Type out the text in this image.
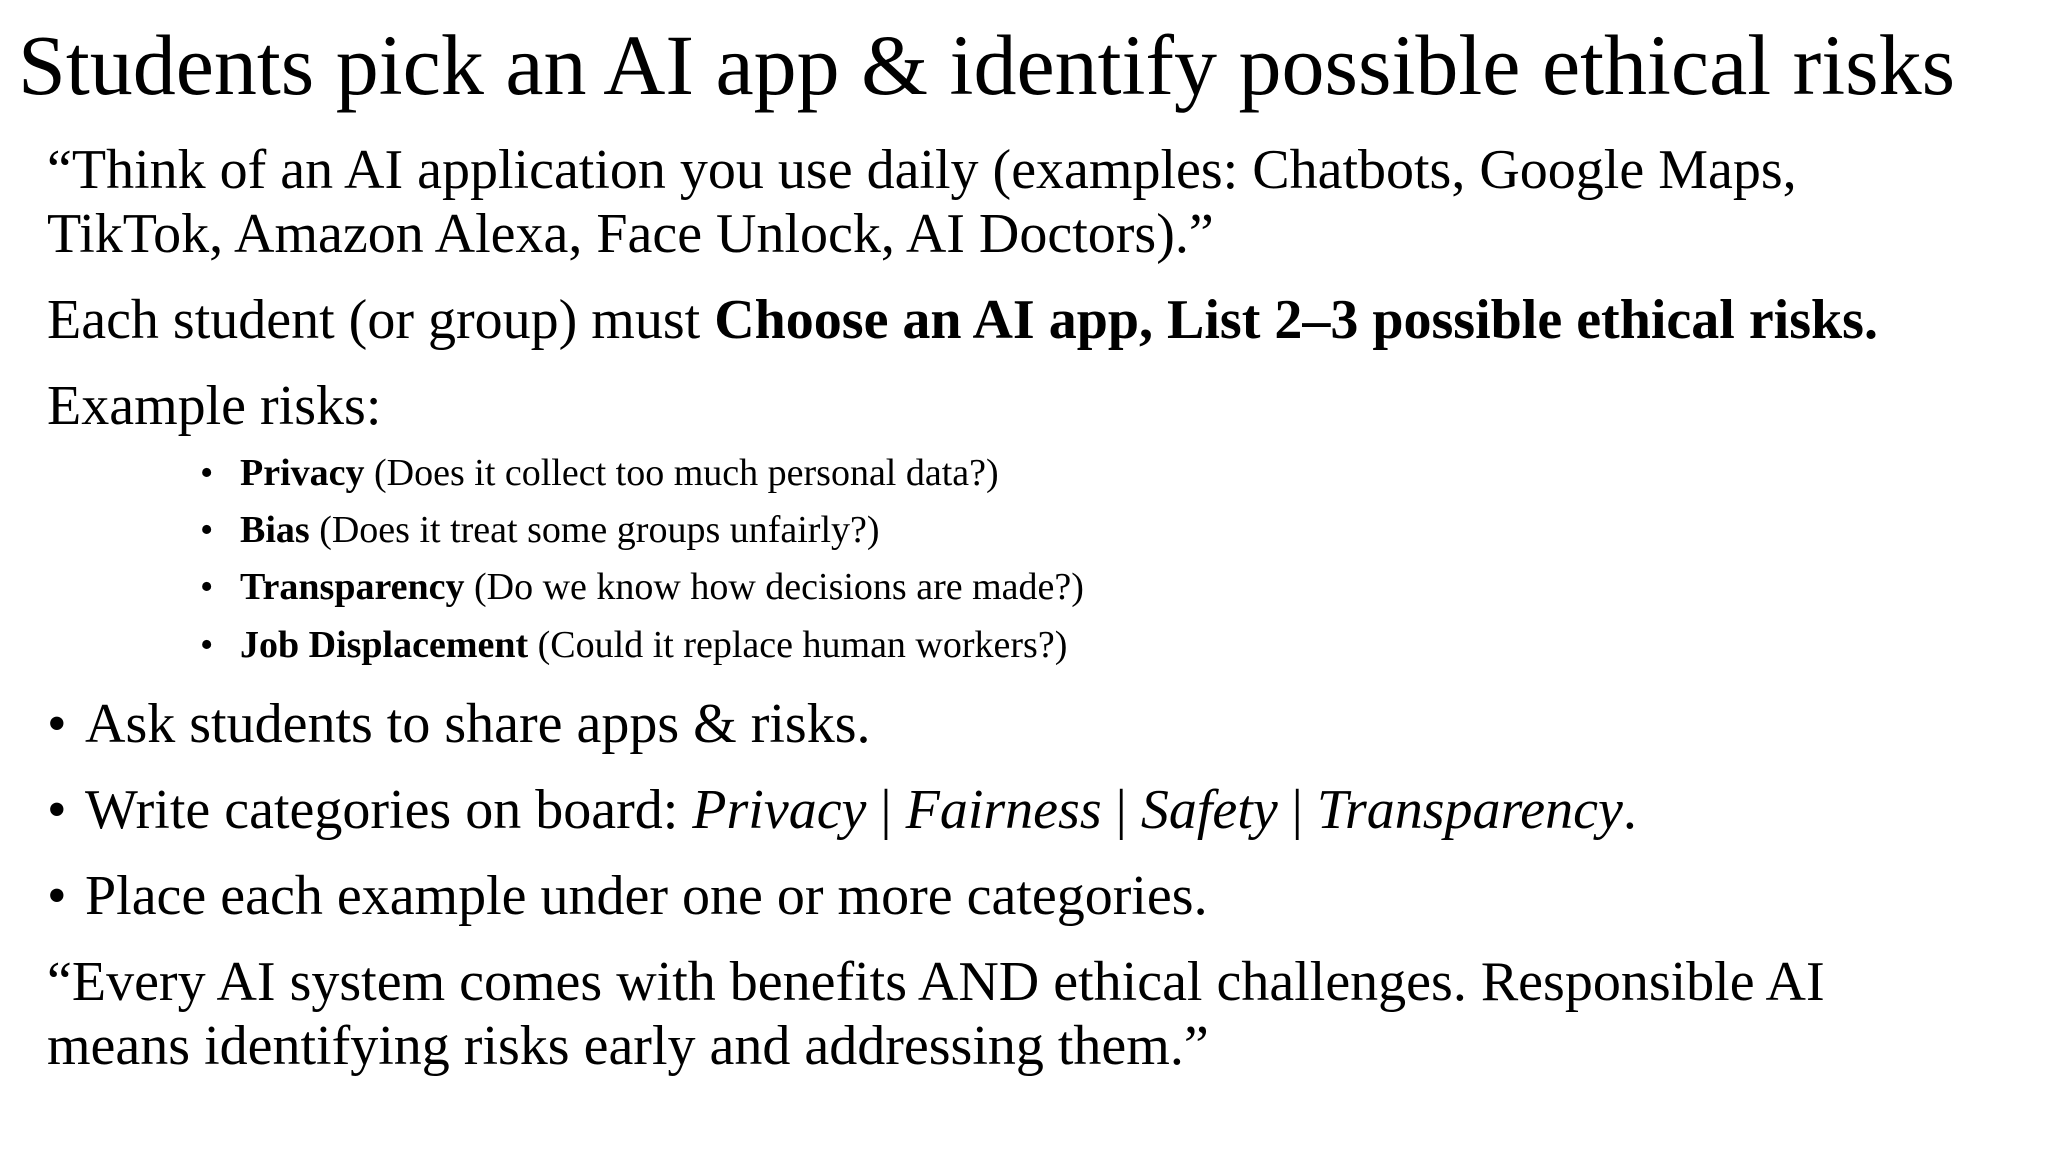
Students pick an AI app & identify possible ethical risks
“Think of an AI application you use daily (examples: Chatbots, Google Maps,
TikTok, Amazon Alexa, Face Unlock, AI Doctors).”
Each student (or group) must Choose an AI app, List 2–3 possible ethical risks.
Example risks:
• Privacy (Does it collect too much personal data?)
• Bias (Does it treat some groups unfairly?)
• Transparency (Do we know how decisions are made?)
• Job Displacement (Could it replace human workers?)
• Ask students to share apps & risks.
• Write categories on board: Privacy | Fairness | Safety | Transparency.
• Place each example under one or more categories.
“Every AI system comes with benefits AND ethical challenges. Responsible AI
means identifying risks early and addressing them.”
